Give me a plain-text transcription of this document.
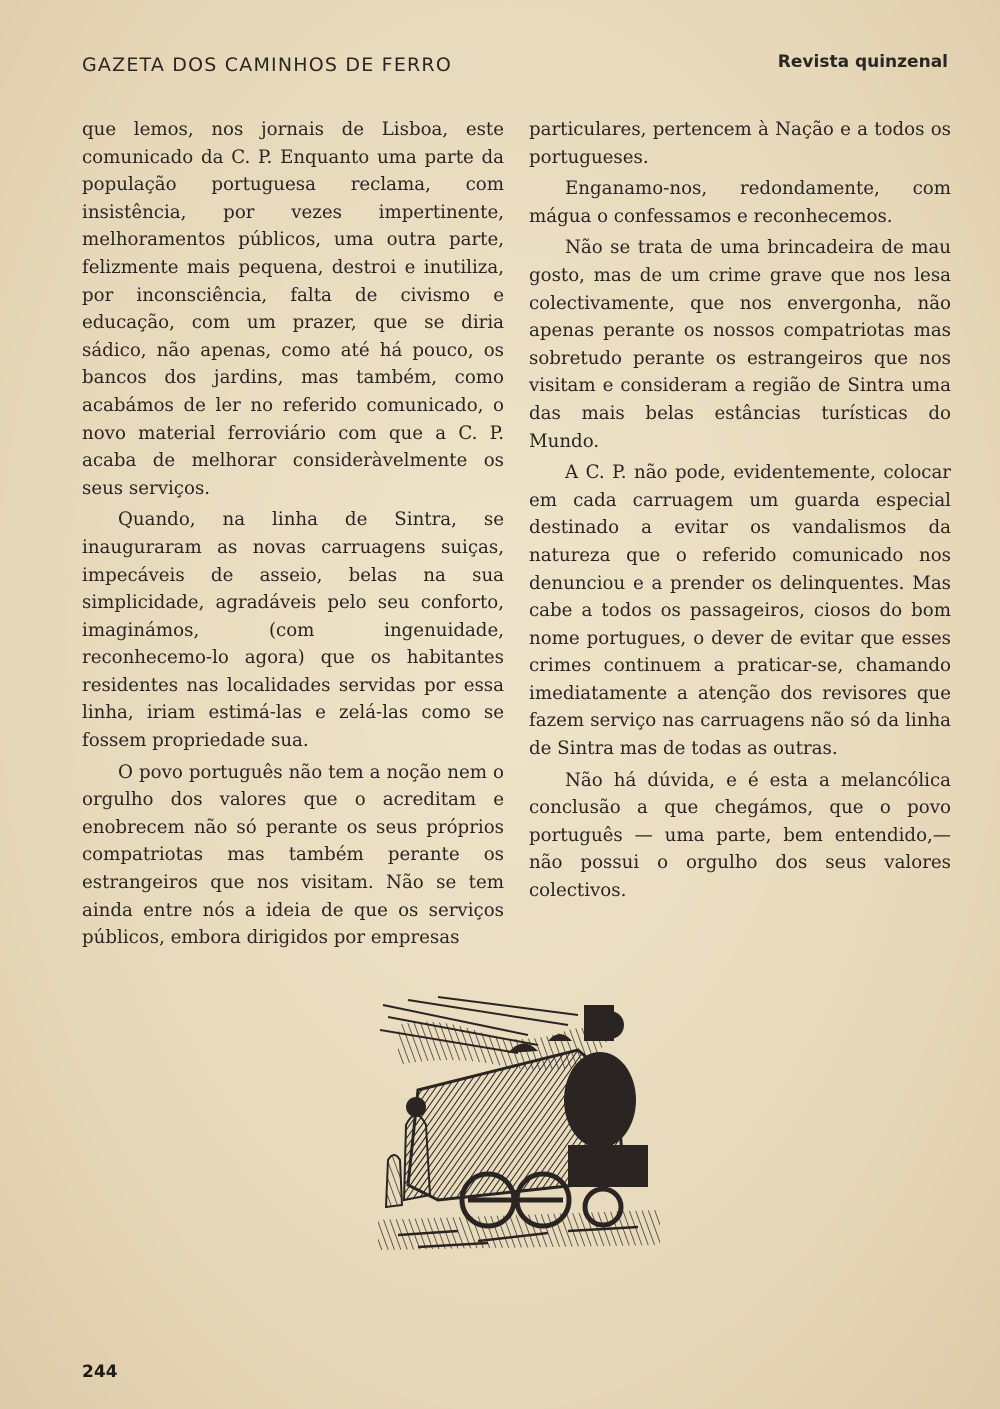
GAZETA DOS CAMINHOS DE FERRO	Revista quinzenal

que lemos, nos jornais de Lisboa, este comunicado da C. P. Enquanto uma parte da população portuguesa reclama, com insistência, por vezes impertinente, melhoramentos públicos, uma outra parte, felizmente mais pequena, destroi e inutiliza, por inconsciência, falta de civismo e educação, com um prazer, que se diria sádico, não apenas, como até há pouco, os bancos dos jardins, mas também, como acabámos de ler no referido comunicado, o novo material ferroviário com que a C. P. acaba de melhorar consideràvelmente os seus serviços.

Quando, na linha de Sintra, se inauguraram as novas carruagens suiças, impecáveis de asseio, belas na sua simplicidade, agradáveis pelo seu conforto, imaginámos, (com ingenuidade, reconhecemo-lo agora) que os habitantes residentes nas localidades servidas por essa linha, iriam estimá-las e zelá-las como se fossem propriedade sua.

O povo português não tem a noção nem o orgulho dos valores que o acreditam e enobrecem não só perante os seus próprios compatriotas mas também perante os estrangeiros que nos visitam. Não se tem ainda entre nós a ideia de que os serviços públicos, embora dirigidos por empresas

particulares, pertencem à Nação e a todos os portugueses.

Enganamo-nos, redondamente, com mágua o confessamos e reconhecemos.

Não se trata de uma brincadeira de mau gosto, mas de um crime grave que nos lesa colectivamente, que nos envergonha, não apenas perante os nossos compatriotas mas sobretudo perante os estrangeiros que nos visitam e consideram a região de Sintra uma das mais belas estâncias turísticas do Mundo.

A C. P. não pode, evidentemente, colocar em cada carruagem um guarda especial destinado a evitar os vandalismos da natureza que o referido comunicado nos denunciou e a prender os delinquentes. Mas cabe a todos os passageiros, ciosos do bom nome portugues, o dever de evitar que esses crimes continuem a praticar-se, chamando imediatamente a atenção dos revisores que fazem serviço nas carruagens não só da linha de Sintra mas de todas as outras.

Não há dúvida, e é esta a melancólica conclusão a que chegámos, que o povo português — uma parte, bem entendido,— não possui o orgulho dos seus valores colectivos.

244
